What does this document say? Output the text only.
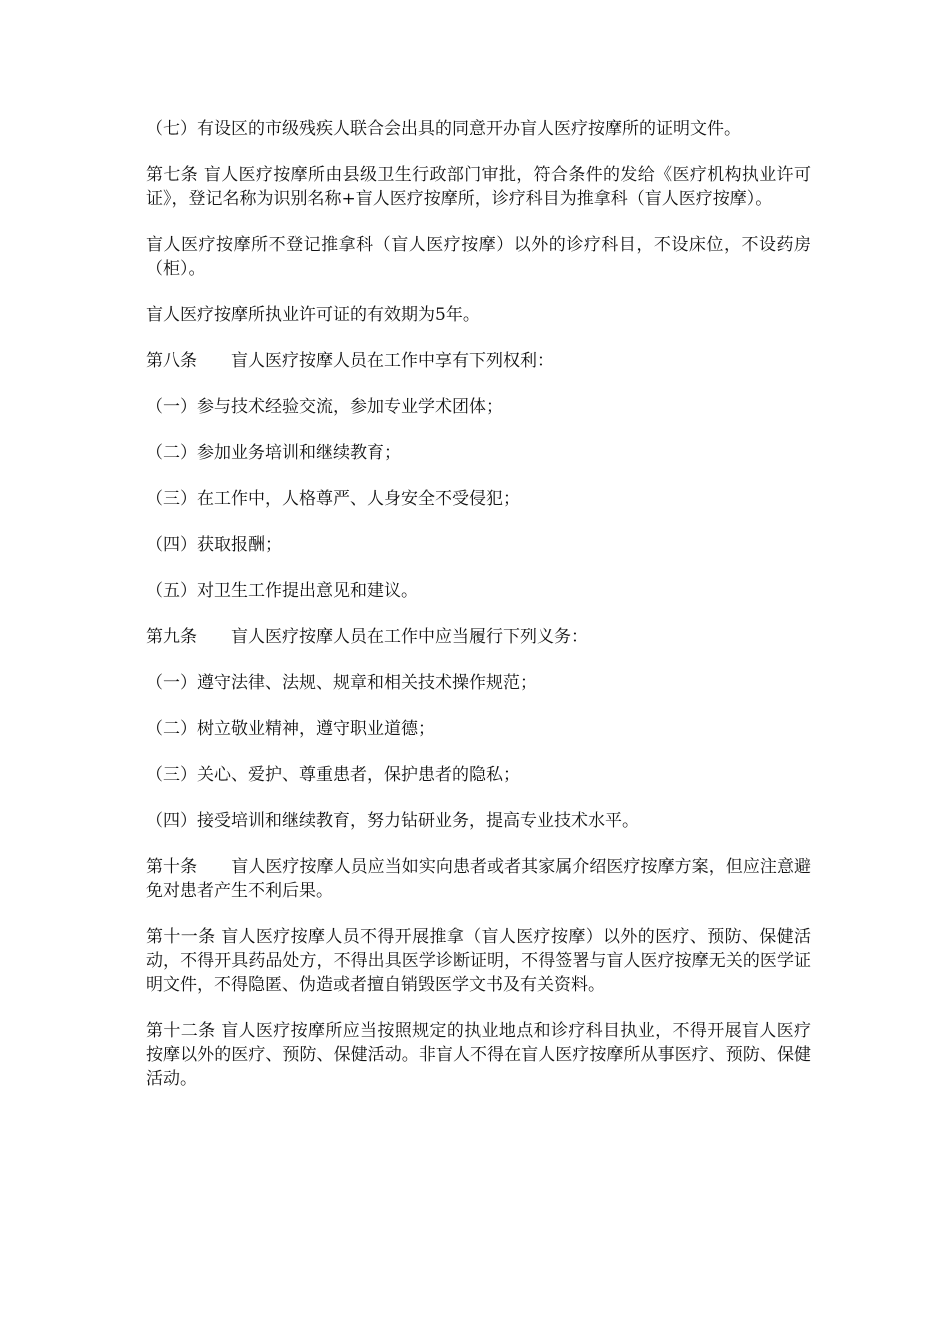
（七）有设区的市级残疾人联合会出具的同意开办盲人医疗按摩所的证明文件。

第七条 盲人医疗按摩所由县级卫生行政部门审批，符合条件的发给《医疗机构执业许可证》，登记名称为识别名称+盲人医疗按摩所，诊疗科目为推拿科（盲人医疗按摩）。

盲人医疗按摩所不登记推拿科（盲人医疗按摩）以外的诊疗科目，不设床位，不设药房（柜）。

盲人医疗按摩所执业许可证的有效期为5年。

第八条　　盲人医疗按摩人员在工作中享有下列权利：

（一）参与技术经验交流，参加专业学术团体；

（二）参加业务培训和继续教育；

（三）在工作中，人格尊严、人身安全不受侵犯；

（四）获取报酬；

（五）对卫生工作提出意见和建议。

第九条　　盲人医疗按摩人员在工作中应当履行下列义务：

（一）遵守法律、法规、规章和相关技术操作规范；

（二）树立敬业精神，遵守职业道德；

（三）关心、爱护、尊重患者，保护患者的隐私；

（四）接受培训和继续教育，努力钻研业务，提高专业技术水平。

第十条　　盲人医疗按摩人员应当如实向患者或者其家属介绍医疗按摩方案，但应注意避免对患者产生不利后果。

第十一条 盲人医疗按摩人员不得开展推拿（盲人医疗按摩）以外的医疗、预防、保健活动，不得开具药品处方，不得出具医学诊断证明，不得签署与盲人医疗按摩无关的医学证明文件，不得隐匿、伪造或者擅自销毁医学文书及有关资料。

第十二条 盲人医疗按摩所应当按照规定的执业地点和诊疗科目执业，不得开展盲人医疗按摩以外的医疗、预防、保健活动。非盲人不得在盲人医疗按摩所从事医疗、预防、保健活动。
